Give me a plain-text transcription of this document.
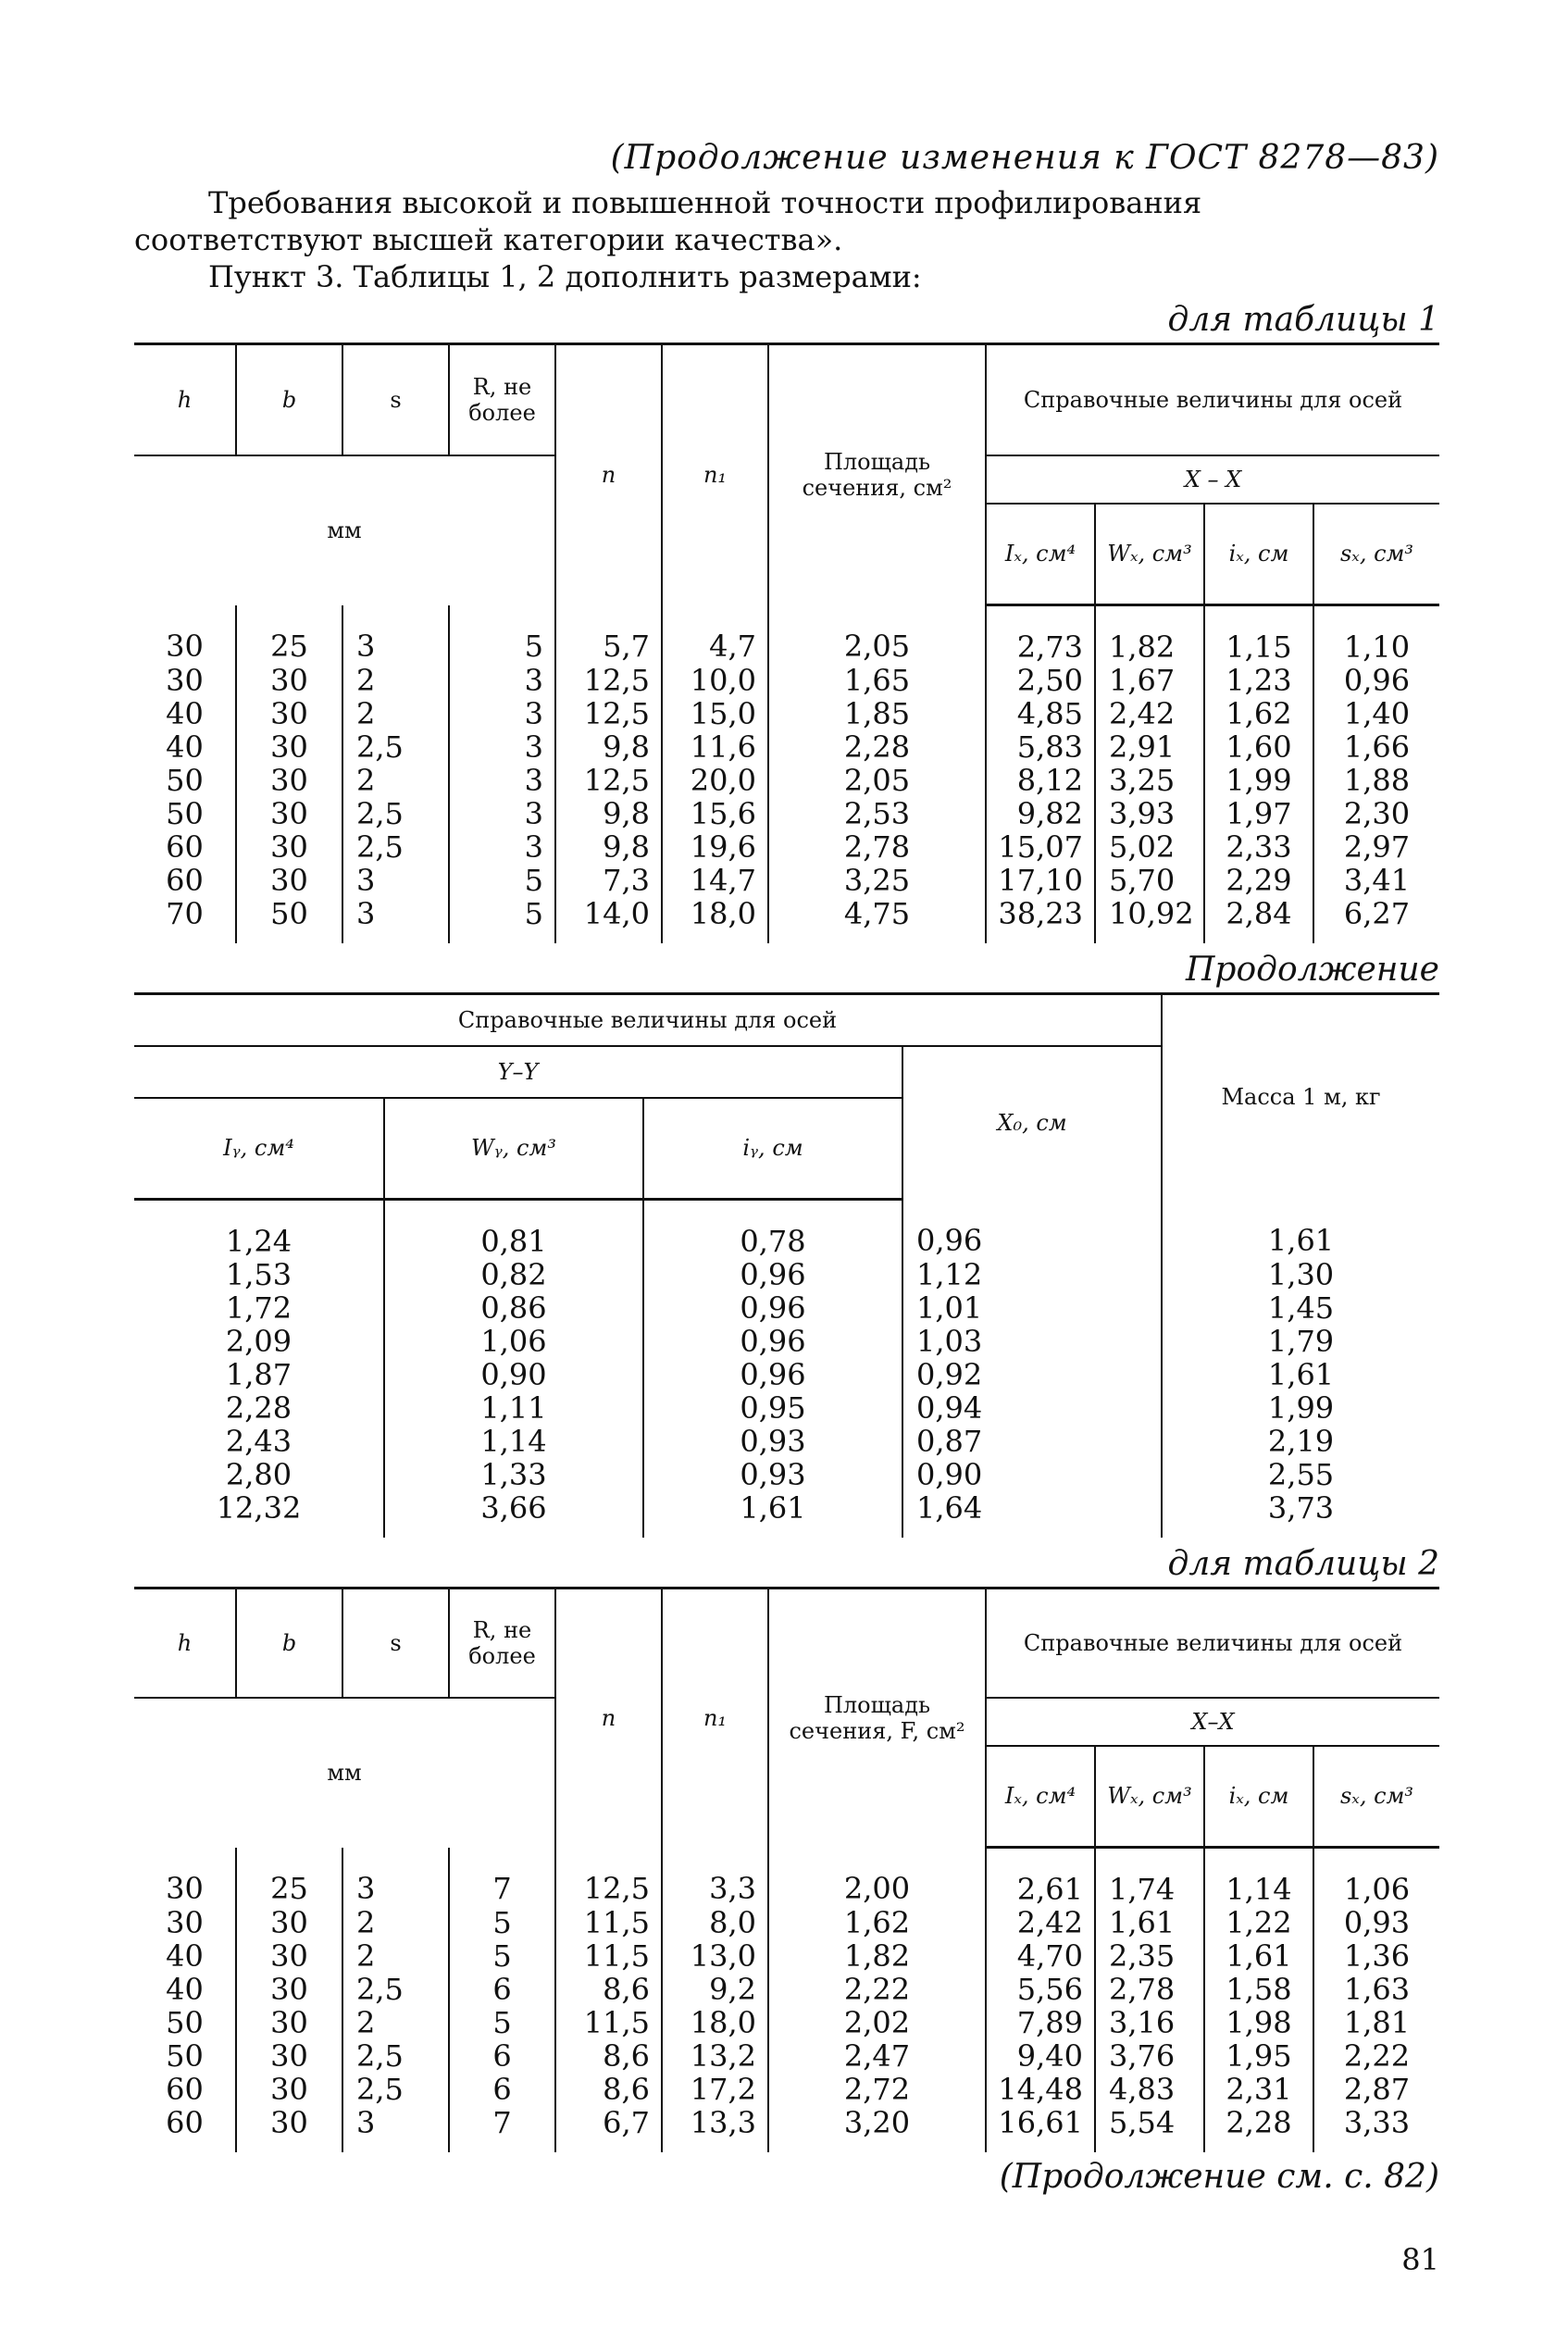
(Продолжение изменения к ГОСТ 8278—83)

Требования высокой и повышенной точности профилирования соответствуют высшей категории качества».

Пункт 3. Таблицы 1, 2 дополнить размерами:

для таблицы 1

h	b	s	R, не более	n	n₁	Площадь сечения, см²	Справочные величины для осей			
мм							X – X			
							Iₓ, см⁴	Wₓ, см³	iₓ, см	sₓ, см³
30	25	3	5	5,7	4,7	2,05	2,73	1,82	1,15	1,10
30	30	2	3	12,5	10,0	1,65	2,50	1,67	1,23	0,96
40	30	2	3	12,5	15,0	1,85	4,85	2,42	1,62	1,40
40	30	2,5	3	9,8	11,6	2,28	5,83	2,91	1,60	1,66
50	30	2	3	12,5	20,0	2,05	8,12	3,25	1,99	1,88
50	30	2,5	3	9,8	15,6	2,53	9,82	3,93	1,97	2,30
60	30	2,5	3	9,8	19,6	2,78	15,07	5,02	2,33	2,97
60	30	3	5	7,3	14,7	3,25	17,10	5,70	2,29	3,41
70	50	3	5	14,0	18,0	4,75	38,23	10,92	2,84	6,27

Продолжение

Справочные величины для осей				Масса 1 м, кг
Y–Y			X₀, см	
Iᵧ, см⁴	Wᵧ, см³	iᵧ, см		
1,24	0,81	0,78	0,96	1,61
1,53	0,82	0,96	1,12	1,30
1,72	0,86	0,96	1,01	1,45
2,09	1,06	0,96	1,03	1,79
1,87	0,90	0,96	0,92	1,61
2,28	1,11	0,95	0,94	1,99
2,43	1,14	0,93	0,87	2,19
2,80	1,33	0,93	0,90	2,55
12,32	3,66	1,61	1,64	3,73

для таблицы 2

h	b	s	R, не более	n	n₁	Площадь сечения, F, см²	Справочные величины для осей			
мм							X–X			
							Iₓ, см⁴	Wₓ, см³	iₓ, см	sₓ, см³
30	25	3	7	12,5	3,3	2,00	2,61	1,74	1,14	1,06
30	30	2	5	11,5	8,0	1,62	2,42	1,61	1,22	0,93
40	30	2	5	11,5	13,0	1,82	4,70	2,35	1,61	1,36
40	30	2,5	6	8,6	9,2	2,22	5,56	2,78	1,58	1,63
50	30	2	5	11,5	18,0	2,02	7,89	3,16	1,98	1,81
50	30	2,5	6	8,6	13,2	2,47	9,40	3,76	1,95	2,22
60	30	2,5	6	8,6	17,2	2,72	14,48	4,83	2,31	2,87
60	30	3	7	6,7	13,3	3,20	16,61	5,54	2,28	3,33

(Продолжение см. с. 82)

81
